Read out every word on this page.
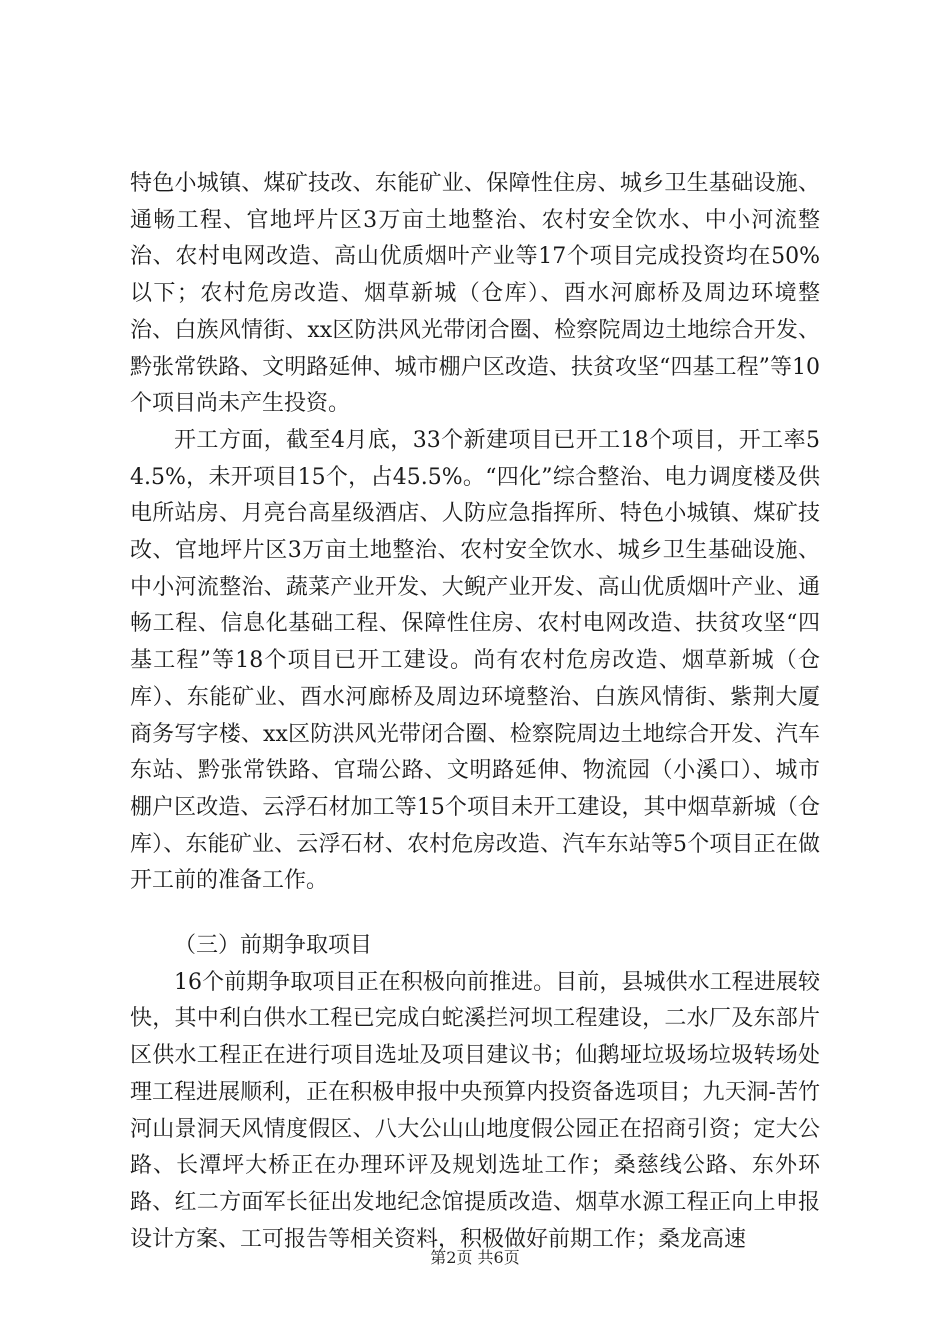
特色小城镇、煤矿技改、东能矿业、保障性住房、城乡卫生基础设施、通畅工程、官地坪片区3万亩土地整治、农村安全饮水、中小河流整治、农村电网改造、高山优质烟叶产业等17个项目完成投资均在50%以下；农村危房改造、烟草新城（仓库）、酉水河廊桥及周边环境整治、白族风情街、xx区防洪风光带闭合圈、检察院周边土地综合开发、黔张常铁路、文明路延伸、城市棚户区改造、扶贫攻坚“四基工程”等10个项目尚未产生投资。

开工方面，截至4月底，33个新建项目已开工18个项目，开工率54.5%，未开项目15个，占45.5%。“四化”综合整治、电力调度楼及供电所站房、月亮台高星级酒店、人防应急指挥所、特色小城镇、煤矿技改、官地坪片区3万亩土地整治、农村安全饮水、城乡卫生基础设施、中小河流整治、蔬菜产业开发、大鲵产业开发、高山优质烟叶产业、通畅工程、信息化基础工程、保障性住房、农村电网改造、扶贫攻坚“四基工程”等18个项目已开工建设。尚有农村危房改造、烟草新城（仓库）、东能矿业、酉水河廊桥及周边环境整治、白族风情街、紫荆大厦商务写字楼、xx区防洪风光带闭合圈、检察院周边土地综合开发、汽车东站、黔张常铁路、官瑞公路、文明路延伸、物流园（小溪口）、城市棚户区改造、云浮石材加工等15个项目未开工建设，其中烟草新城（仓库）、东能矿业、云浮石材、农村危房改造、汽车东站等5个项目正在做开工前的准备工作。

（三）前期争取项目

16个前期争取项目正在积极向前推进。目前，县城供水工程进展较快，其中利白供水工程已完成白蛇溪拦河坝工程建设，二水厂及东部片区供水工程正在进行项目选址及项目建议书；仙鹅垭垃圾场垃圾转场处理工程进展顺利，正在积极申报中央预算内投资备选项目；九天洞-苦竹河山景洞天风情度假区、八大公山山地度假公园正在招商引资；定大公路、长潭坪大桥正在办理环评及规划选址工作；桑慈线公路、东外环路、红二方面军长征出发地纪念馆提质改造、烟草水源工程正向上申报设计方案、工可报告等相关资料，积极做好前期工作；桑龙高速

第2页 共6页
